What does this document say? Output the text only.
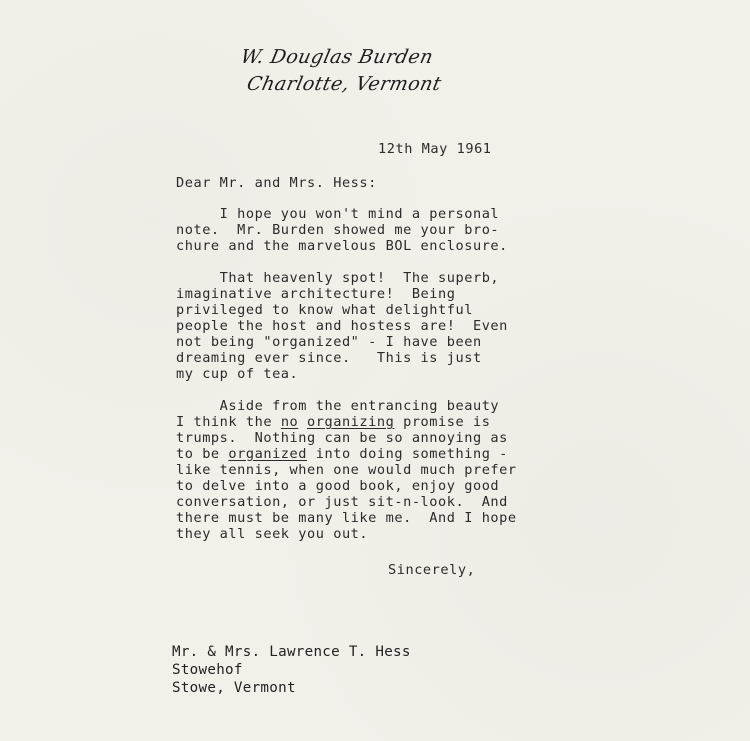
W. Douglas Burden
Charlotte, Vermont
12th May 1961
Dear Mr. and Mrs. Hess:
I hope you won't mind a personal
note.  Mr. Burden showed me your bro-
chure and the marvelous BOL enclosure.
That heavenly spot!  The superb,
imaginative architecture!  Being
privileged to know what delightful
people the host and hostess are!  Even
not being "organized" - I have been
dreaming ever since.   This is just
my cup of tea.
Aside from the entrancing beauty
I think the no organizing promise is
trumps.  Nothing can be so annoying as
to be organized into doing something -
like tennis, when one would much prefer
to delve into a good book, enjoy good
conversation, or just sit-n-look.  And
there must be many like me.  And I hope
they all seek you out.
Sincerely,
Mr. & Mrs. Lawrence T. Hess
Stowehof
Stowe, Vermont
